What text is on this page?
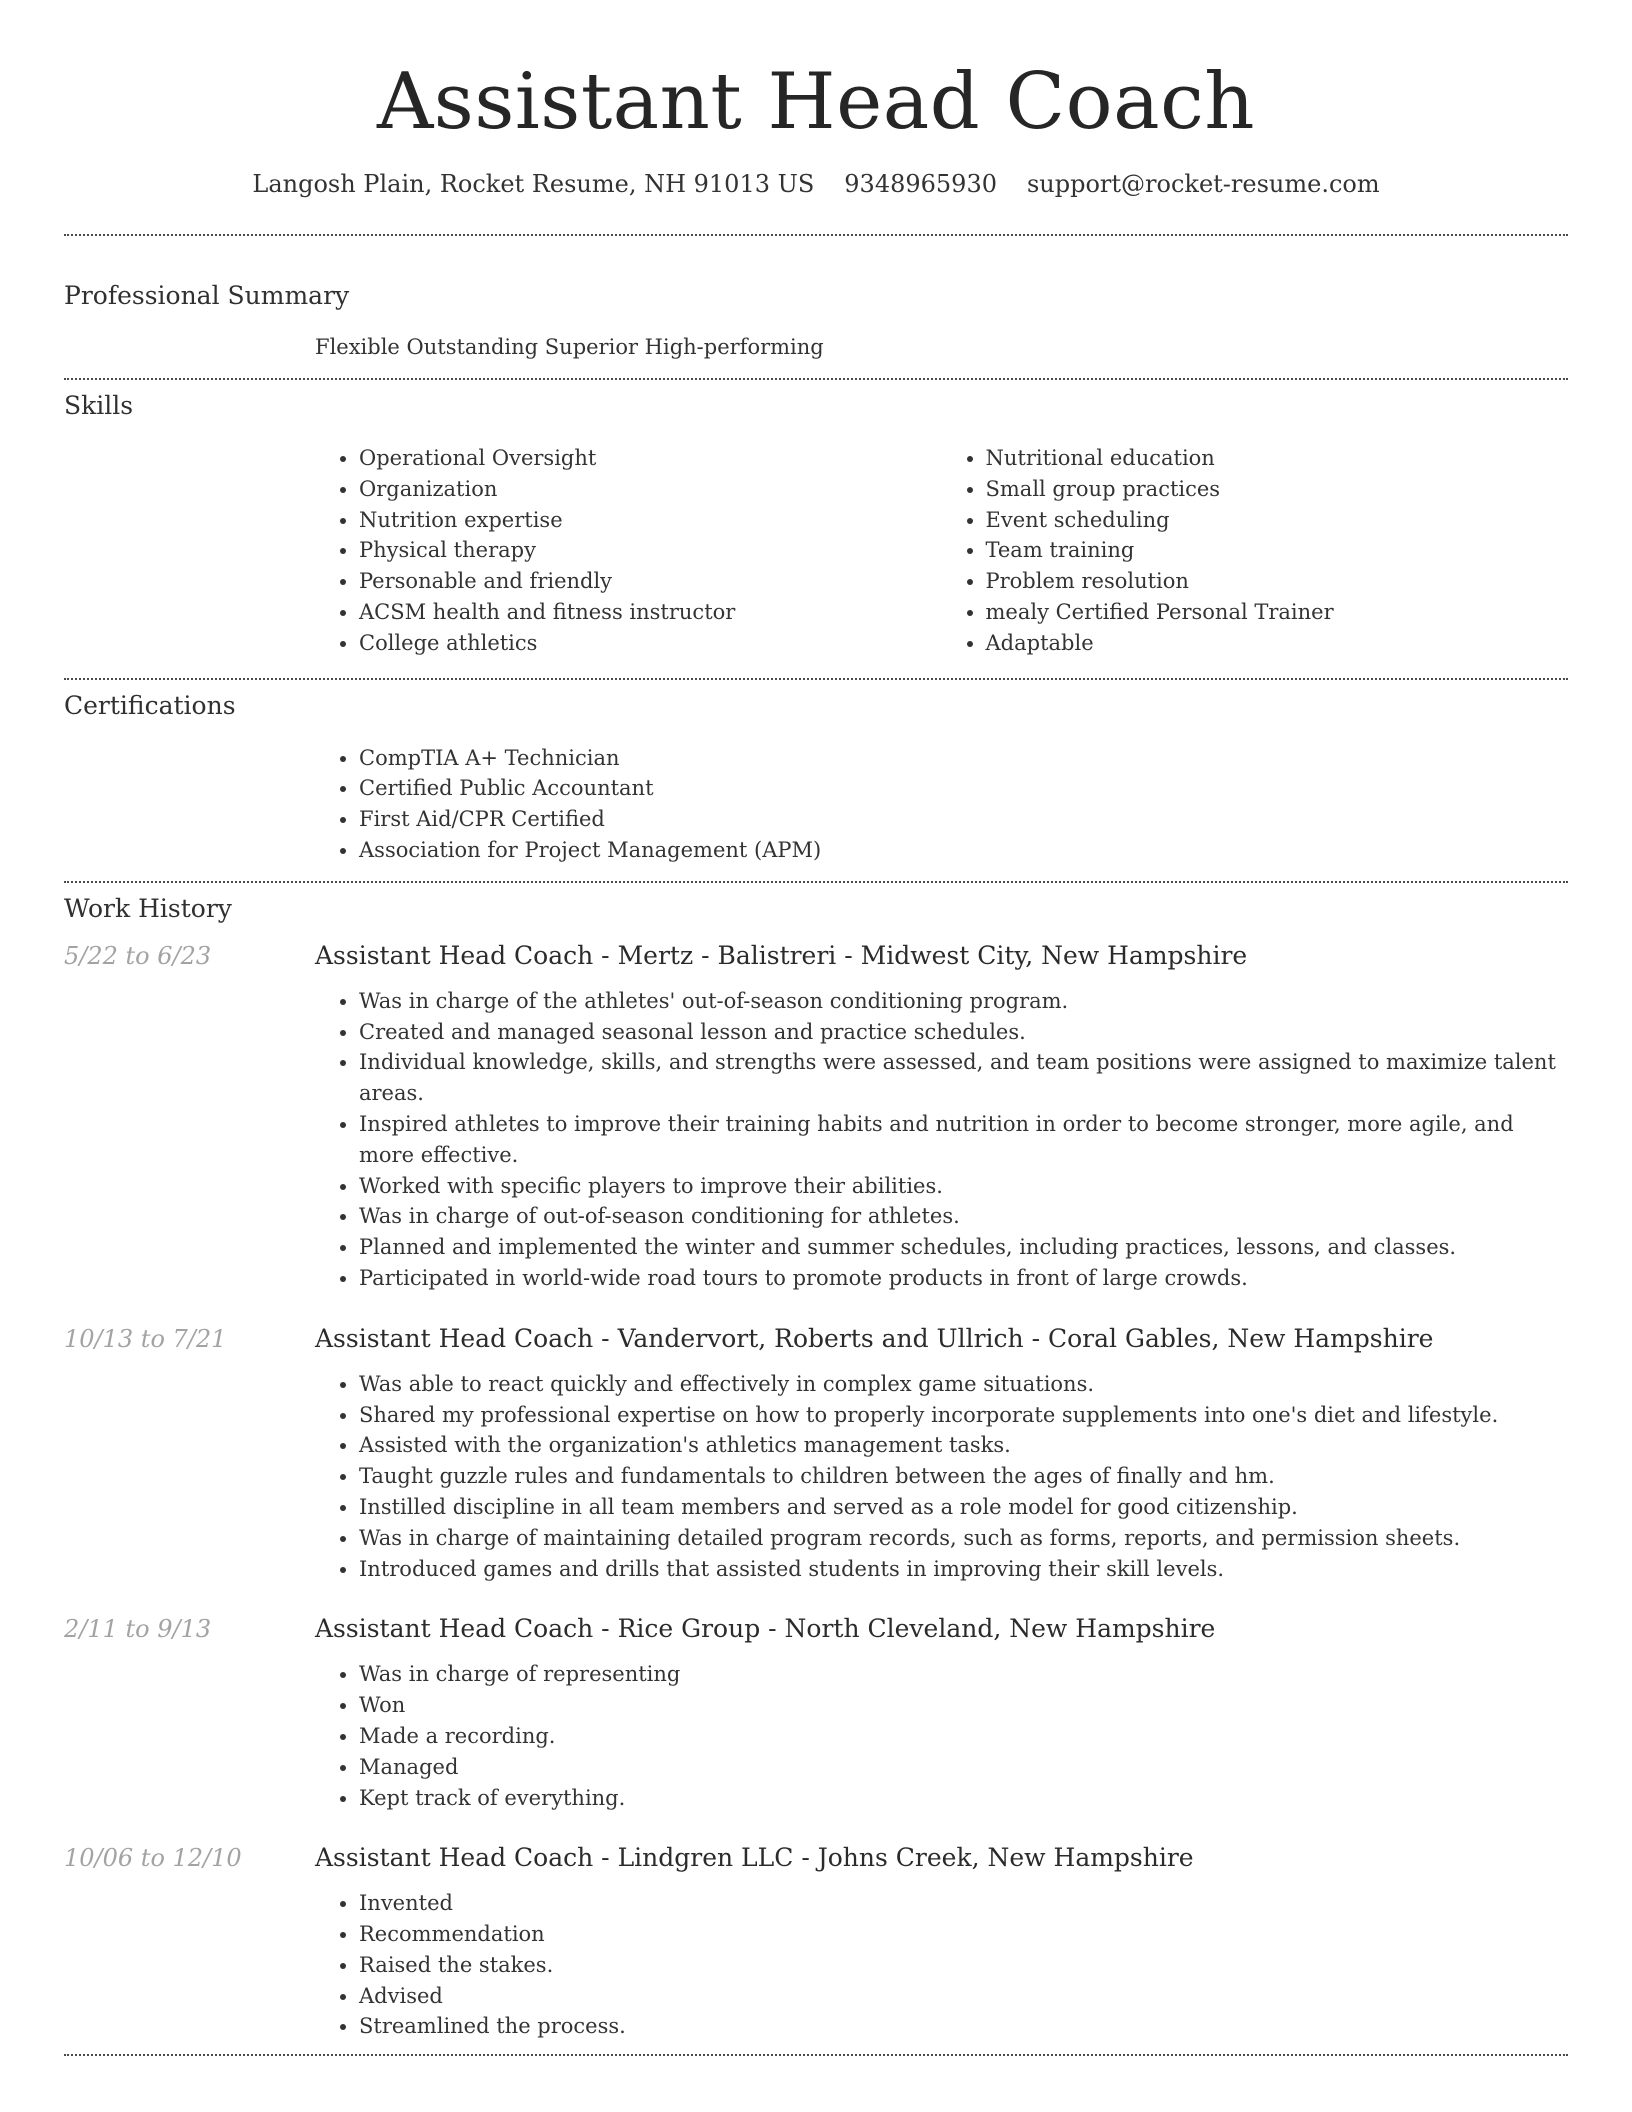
Assistant Head Coach
Langosh Plain, Rocket Resume, NH 91013 US 9348965930 support@rocket-resume.com
Professional Summary
Flexible Outstanding Superior High-performing
Skills
• Operational Oversight
• Organization
• Nutrition expertise
• Physical therapy
• Personable and friendly
• ACSM health and fitness instructor
• College athletics
• Nutritional education
• Small group practices
• Event scheduling
• Team training
• Problem resolution
• mealy Certified Personal Trainer
• Adaptable
Certifications
• CompTIA A+ Technician
• Certified Public Accountant
• First Aid/CPR Certified
• Association for Project Management (APM)
Work History
5/22 to 6/23	Assistant Head Coach - Mertz - Balistreri - Midwest City, New Hampshire
• Was in charge of the athletes' out-of-season conditioning program.
• Created and managed seasonal lesson and practice schedules.
• Individual knowledge, skills, and strengths were assessed, and team positions were assigned to maximize talent areas.
• Inspired athletes to improve their training habits and nutrition in order to become stronger, more agile, and more effective.
• Worked with specific players to improve their abilities.
• Was in charge of out-of-season conditioning for athletes.
• Planned and implemented the winter and summer schedules, including practices, lessons, and classes.
• Participated in world-wide road tours to promote products in front of large crowds.
10/13 to 7/21	Assistant Head Coach - Vandervort, Roberts and Ullrich - Coral Gables, New Hampshire
• Was able to react quickly and effectively in complex game situations.
• Shared my professional expertise on how to properly incorporate supplements into one's diet and lifestyle.
• Assisted with the organization's athletics management tasks.
• Taught guzzle rules and fundamentals to children between the ages of finally and hm.
• Instilled discipline in all team members and served as a role model for good citizenship.
• Was in charge of maintaining detailed program records, such as forms, reports, and permission sheets.
• Introduced games and drills that assisted students in improving their skill levels.
2/11 to 9/13	Assistant Head Coach - Rice Group - North Cleveland, New Hampshire
• Was in charge of representing
• Won
• Made a recording.
• Managed
• Kept track of everything.
10/06 to 12/10	Assistant Head Coach - Lindgren LLC - Johns Creek, New Hampshire
• Invented
• Recommendation
• Raised the stakes.
• Advised
• Streamlined the process.
